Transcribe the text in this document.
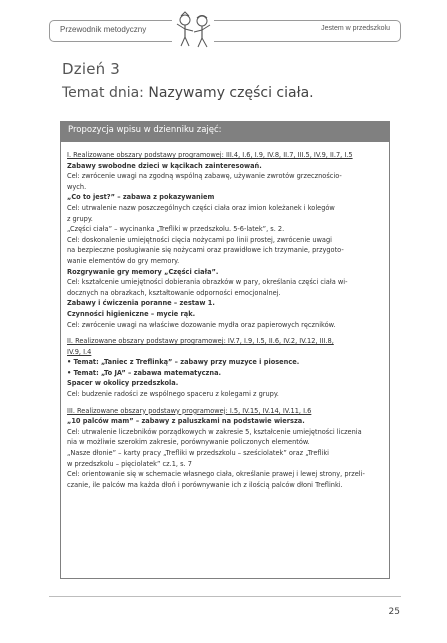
Przewodnik metodyczny	Jestem w przedszkolu
Dzień 3
Temat dnia: Nazywamy części ciała.
Propozycja wpisu w dzienniku zajęć:
I. Realizowane obszary podstawy programowej: III.4, I.6, I.9, IV.8, II.7, III.5, IV.9, II.7, I.5
Zabawy swobodne dzieci w kącikach zainteresowań.
Cel: zwrócenie uwagi na zgodną wspólną zabawę, używanie zwrotów grzecznościo-
wych.
„Co to jest?” – zabawa z pokazywaniem
Cel: utrwalenie nazw poszczególnych części ciała oraz imion koleżanek i kolegów
z grupy.
„Części ciała” – wycinanka „Trefliki w przedszkolu. 5-6-latek”, s. 2.
Cel: doskonalenie umiejętności cięcia nożycami po linii prostej, zwrócenie uwagi
na bezpieczne posługiwanie się nożycami oraz prawidłowe ich trzymanie, przygoto-
wanie elementów do gry memory.
Rozgrywanie gry memory „Części ciała”.
Cel: kształcenie umiejętności dobierania obrazków w pary, określania części ciała wi-
docznych na obrazkach, kształtowanie odporności emocjonalnej.
Zabawy i ćwiczenia poranne – zestaw 1.
Czynności higieniczne – mycie rąk.
Cel: zwrócenie uwagi na właściwe dozowanie mydła oraz papierowych ręczników.
II. Realizowane obszary podstawy programowej: IV.7, I.9, I.5, II.6, IV.2, IV.12, III.8,
IV.9, I.4
• Temat: „Taniec z Treflinką” – zabawy przy muzyce i piosence.
• Temat: „To JA” – zabawa matematyczna.
Spacer w okolicy przedszkola.
Cel: budzenie radości ze wspólnego spaceru z kolegami z grupy.
III. Realizowane obszary podstawy programowej: I.5, IV.15, IV.14, IV.11, I.6
„10 palców mam” – zabawy z paluszkami na podstawie wiersza.
Cel: utrwalenie liczebników porządkowych w zakresie 5, kształcenie umiejętności liczenia
nia w możliwie szerokim zakresie, porównywanie policzonych elementów.
„Nasze dłonie” – karty pracy „Trefliki w przedszkolu – sześciolatek” oraz „Trefliki
w przedszkolu – pięciolatek” cz.1, s. 7
Cel: orientowanie się w schemacie własnego ciała, określanie prawej i lewej strony, przeli-
czanie, ile palców ma każda dłoń i porównywanie ich z ilością palców dłoni Treflinki.
25
